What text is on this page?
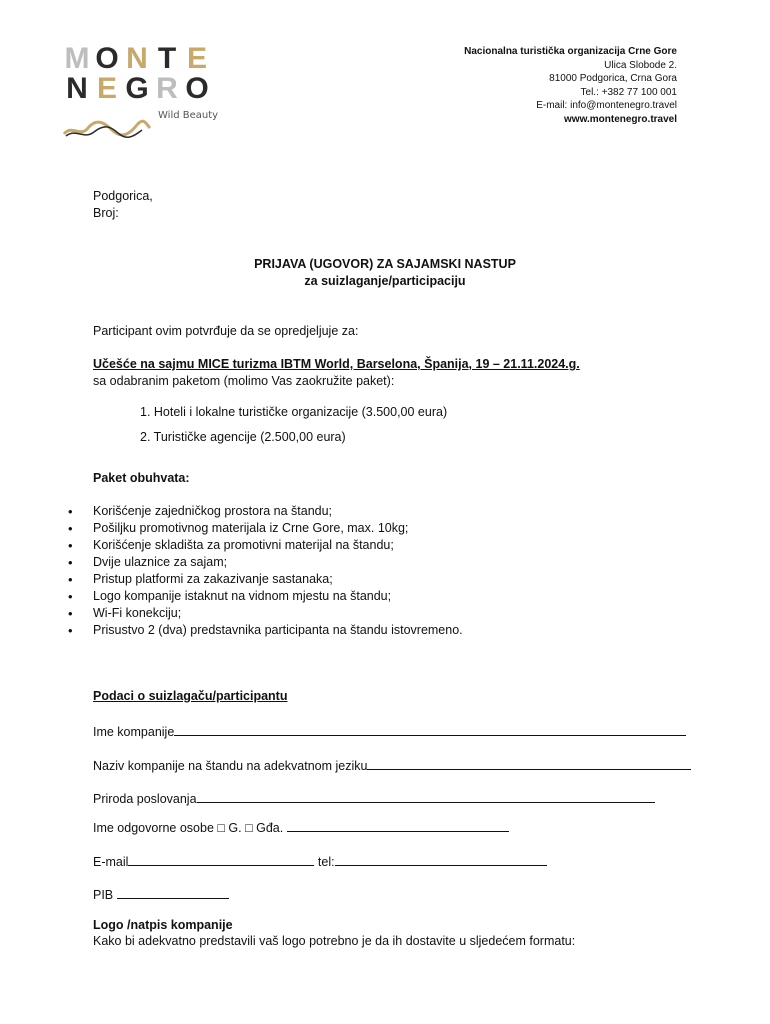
M O N T E
N E G R O
Wild Beauty
Nacionalna turistička organizacija Crne Gore
Ulica Slobode 2.
81000 Podgorica, Crna Gora
Tel.: +382 77 100 001
E-mail: info@montenegro.travel
www.montenegro.travel
Podgorica,
Broj:
PRIJAVA (UGOVOR) ZA SAJAMSKI NASTUP
za suizlaganje/participaciju
Participant ovim potvrđuje da se opredjeljuje za:
Učešće na sajmu MICE turizma IBTM World, Barselona, Španija, 19 – 21.11.2024.g.
sa odabranim paketom (molimo Vas zaokružite paket):
1. Hoteli i lokalne turističke organizacije (3.500,00 eura)
2. Turističke agencije (2.500,00 eura)
Paket obuhvata:
• Korišćenje zajedničkog prostora na štandu;
• Pošiljku promotivnog materijala iz Crne Gore, max. 10kg;
• Korišćenje skladišta za promotivni materijal na štandu;
• Dvije ulaznice za sajam;
• Pristup platformi za zakazivanje sastanaka;
• Logo kompanije istaknut na vidnom mjestu na štandu;
• Wi-Fi konekciju;
• Prisustvo 2 (dva) predstavnika participanta na štandu istovremeno.
Podaci o suizlagaču/participantu
Ime kompanije
Naziv kompanije na štandu na adekvatnom jeziku
Priroda poslovanja
Ime odgovorne osobe □ G. □ Gđa.
E-mail	tel:
PIB
Logo /natpis kompanije
Kako bi adekvatno predstavili vaš logo potrebno je da ih dostavite u sljedećem formatu:
